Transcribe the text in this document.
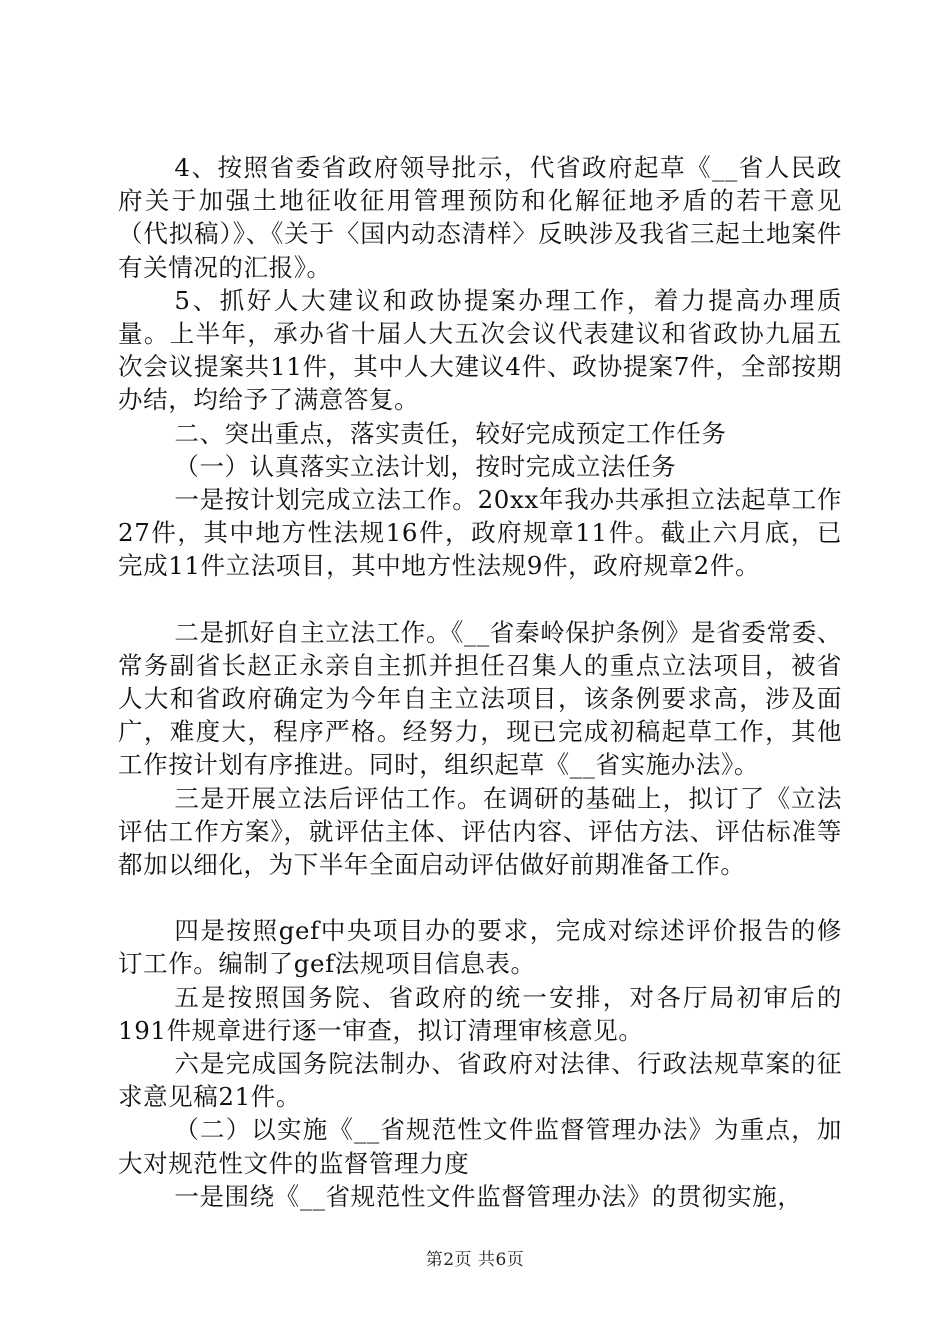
4、按照省委省政府领导批示，代省政府起草《__省人民政府关于加强土地征收征用管理预防和化解征地矛盾的若干意见（代拟稿）》、《关于〈国内动态清样〉反映涉及我省三起土地案件有关情况的汇报》。

5、抓好人大建议和政协提案办理工作，着力提高办理质量。上半年，承办省十届人大五次会议代表建议和省政协九届五次会议提案共11件，其中人大建议4件、政协提案7件，全部按期办结，均给予了满意答复。

二、突出重点，落实责任，较好完成预定工作任务

（一）认真落实立法计划，按时完成立法任务

一是按计划完成立法工作。20xx年我办共承担立法起草工作27件，其中地方性法规16件，政府规章11件。截止六月底，已完成11件立法项目，其中地方性法规9件，政府规章2件。

二是抓好自主立法工作。《__省秦岭保护条例》是省委常委、常务副省长赵正永亲自主抓并担任召集人的重点立法项目，被省人大和省政府确定为今年自主立法项目，该条例要求高，涉及面广，难度大，程序严格。经努力，现已完成初稿起草工作，其他工作按计划有序推进。同时，组织起草《__省实施办法》。

三是开展立法后评估工作。在调研的基础上，拟订了《立法评估工作方案》，就评估主体、评估内容、评估方法、评估标准等都加以细化，为下半年全面启动评估做好前期准备工作。

四是按照gef中央项目办的要求，完成对综述评价报告的修订工作。编制了gef法规项目信息表。

五是按照国务院、省政府的统一安排，对各厅局初审后的191件规章进行逐一审查，拟订清理审核意见。

六是完成国务院法制办、省政府对法律、行政法规草案的征求意见稿21件。

（二）以实施《__省规范性文件监督管理办法》为重点，加大对规范性文件的监督管理力度

一是围绕《__省规范性文件监督管理办法》的贯彻实施，

第2页 共6页
